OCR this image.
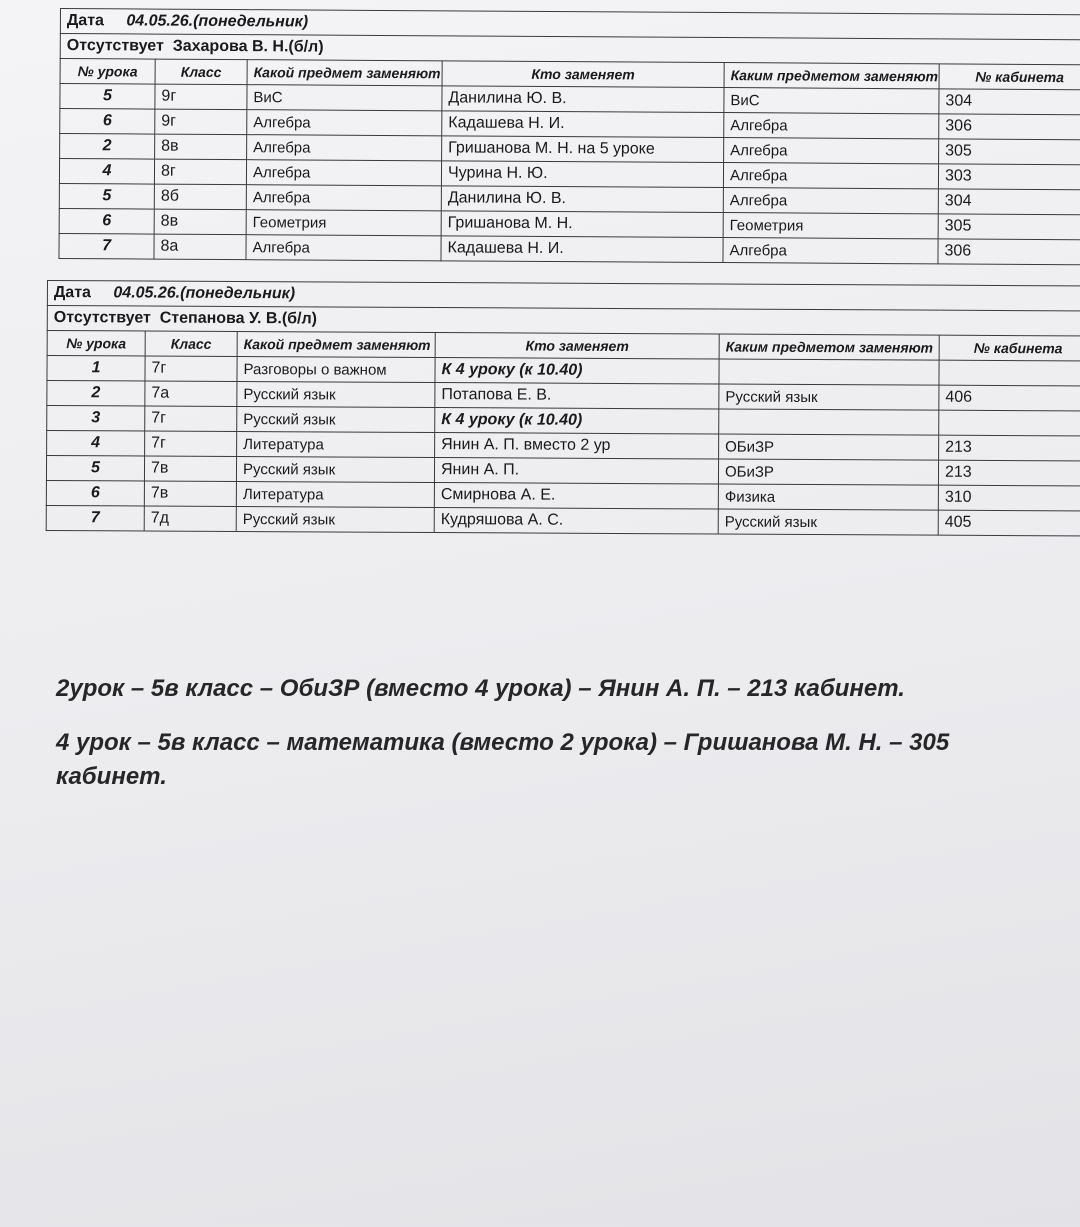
Дата 04.05.26.(понедельник)					
Отсутствует Захарова В. Н.(б/л)					
№ урока	Класс	Какой предмет заменяют	Кто заменяет	Каким предметом заменяют	№ кабинета
5	9г	ВиС	Данилина Ю. В.	ВиС	304
6	9г	Алгебра	Кадашева Н. И.	Алгебра	306
2	8в	Алгебра	Гришанова М. Н. на 5 уроке	Алгебра	305
4	8г	Алгебра	Чурина Н. Ю.	Алгебра	303
5	8б	Алгебра	Данилина Ю. В.	Алгебра	304
6	8в	Геометрия	Гришанова М. Н.	Геометрия	305
7	8а	Алгебра	Кадашева Н. И.	Алгебра	306
Дата 04.05.26.(понедельник)					
Отсутствует Степанова У. В.(б/л)					
№ урока	Класс	Какой предмет заменяют	Кто заменяет	Каким предметом заменяют	№ кабинета
1	7г	Разговоры о важном	К 4 уроку (к 10.40)		
2	7а	Русский язык	Потапова Е. В.	Русский язык	406
3	7г	Русский язык	К 4 уроку (к 10.40)		
4	7г	Литература	Янин А. П. вместо 2 ур	ОБиЗР	213
5	7в	Русский язык	Янин А. П.	ОБиЗР	213
6	7в	Литература	Смирнова А. Е.	Физика	310
7	7д	Русский язык	Кудряшова А. С.	Русский язык	405

2урок – 5в класс – ОбиЗР (вместо 4 урока) – Янин А. П. – 213 кабинет.

4 урок – 5в класс – математика (вместо 2 урока) – Гришанова М. Н. – 305 кабинет.
